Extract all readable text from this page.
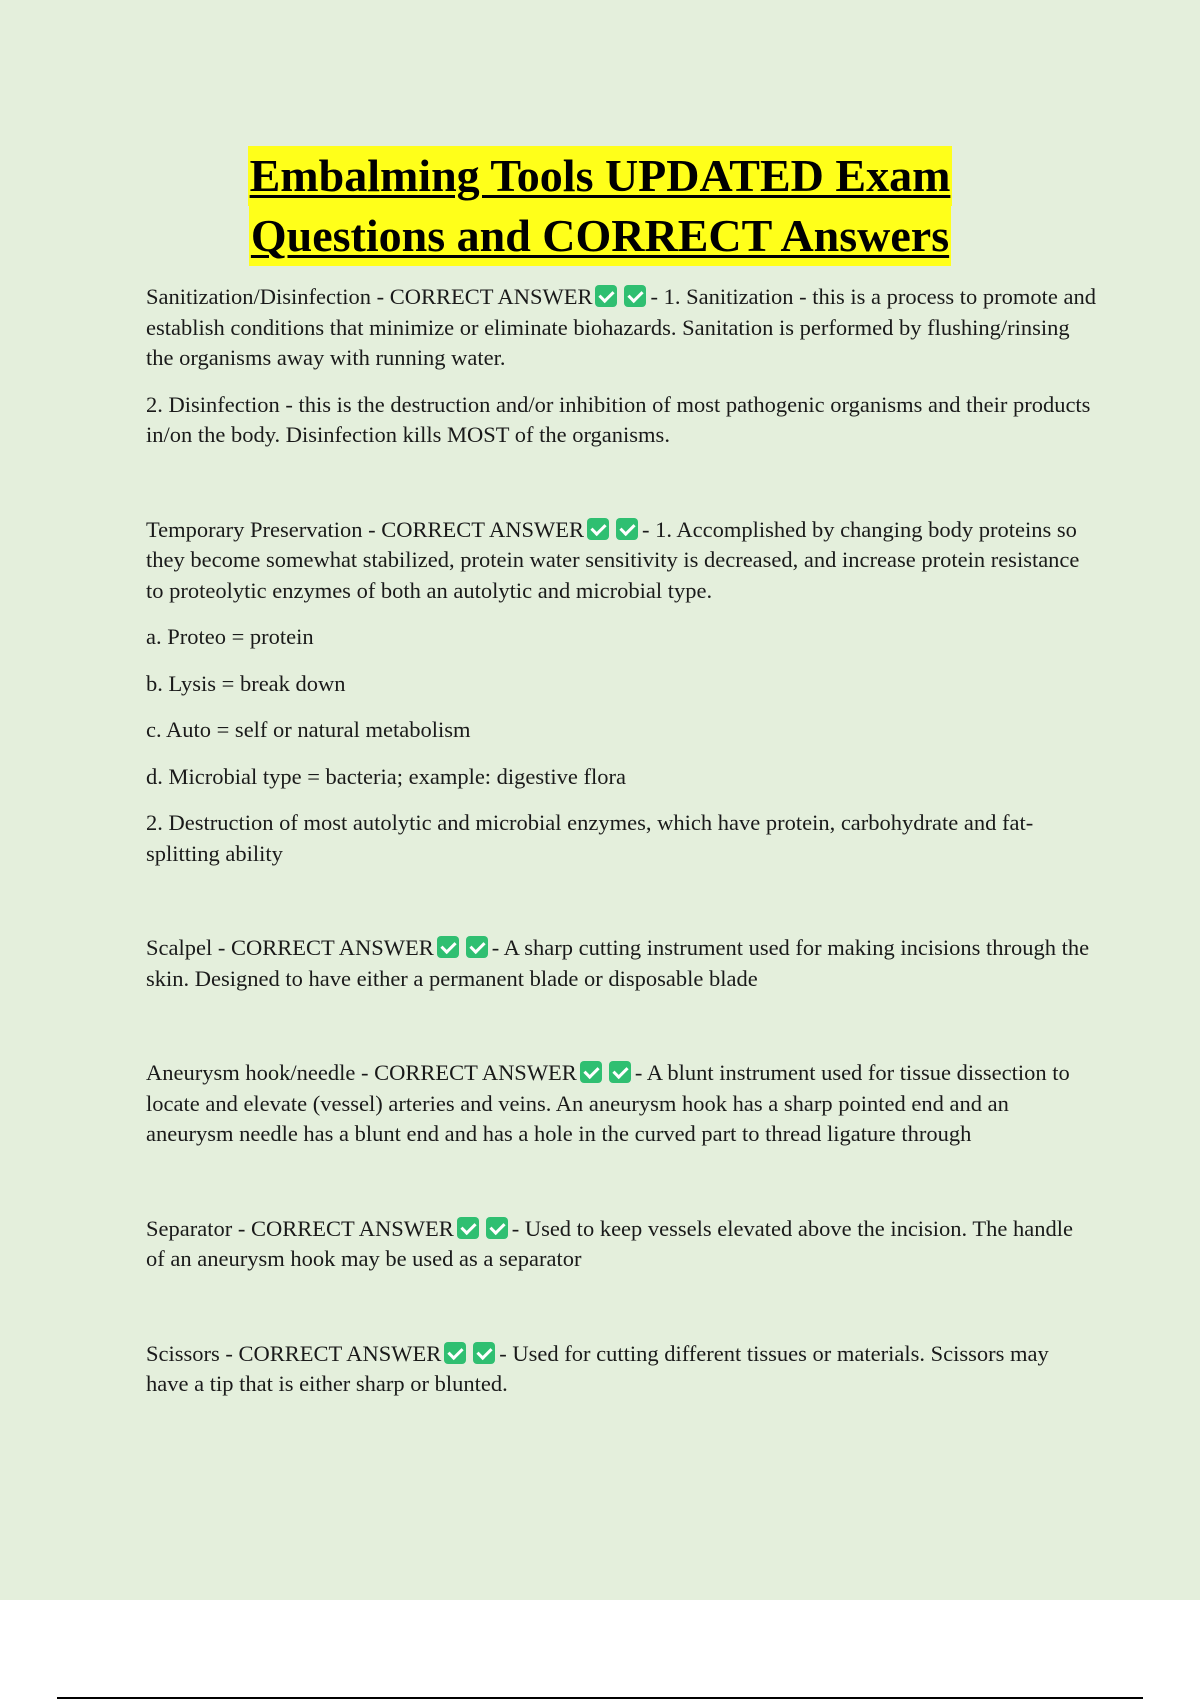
Embalming Tools UPDATED Exam
Questions and CORRECT Answers

Sanitization/Disinfection - CORRECT ANSWER	- 1. Sanitization - this is a process to promote and establish conditions that minimize or eliminate biohazards. Sanitation is performed by flushing/rinsing the organisms away with running water.

2. Disinfection - this is the destruction and/or inhibition of most pathogenic organisms and their products in/on the body. Disinfection kills MOST of the organisms.

Temporary Preservation - CORRECT ANSWER	- 1. Accomplished by changing body proteins so they become somewhat stabilized, protein water sensitivity is decreased, and increase protein resistance to proteolytic enzymes of both an autolytic and microbial type.

a. Proteo = protein

b. Lysis = break down

c. Auto = self or natural metabolism

d. Microbial type = bacteria; example: digestive flora

2. Destruction of most autolytic and microbial enzymes, which have protein, carbohydrate and fat-splitting ability

Scalpel - CORRECT ANSWER	- A sharp cutting instrument used for making incisions through the skin. Designed to have either a permanent blade or disposable blade

Aneurysm hook/needle - CORRECT ANSWER	- A blunt instrument used for tissue dissection to locate and elevate (vessel) arteries and veins. An aneurysm hook has a sharp pointed end and an aneurysm needle has a blunt end and has a hole in the curved part to thread ligature through

Separator - CORRECT ANSWER	- Used to keep vessels elevated above the incision. The handle of an aneurysm hook may be used as a separator

Scissors - CORRECT ANSWER	- Used for cutting different tissues or materials. Scissors may have a tip that is either sharp or blunted.
